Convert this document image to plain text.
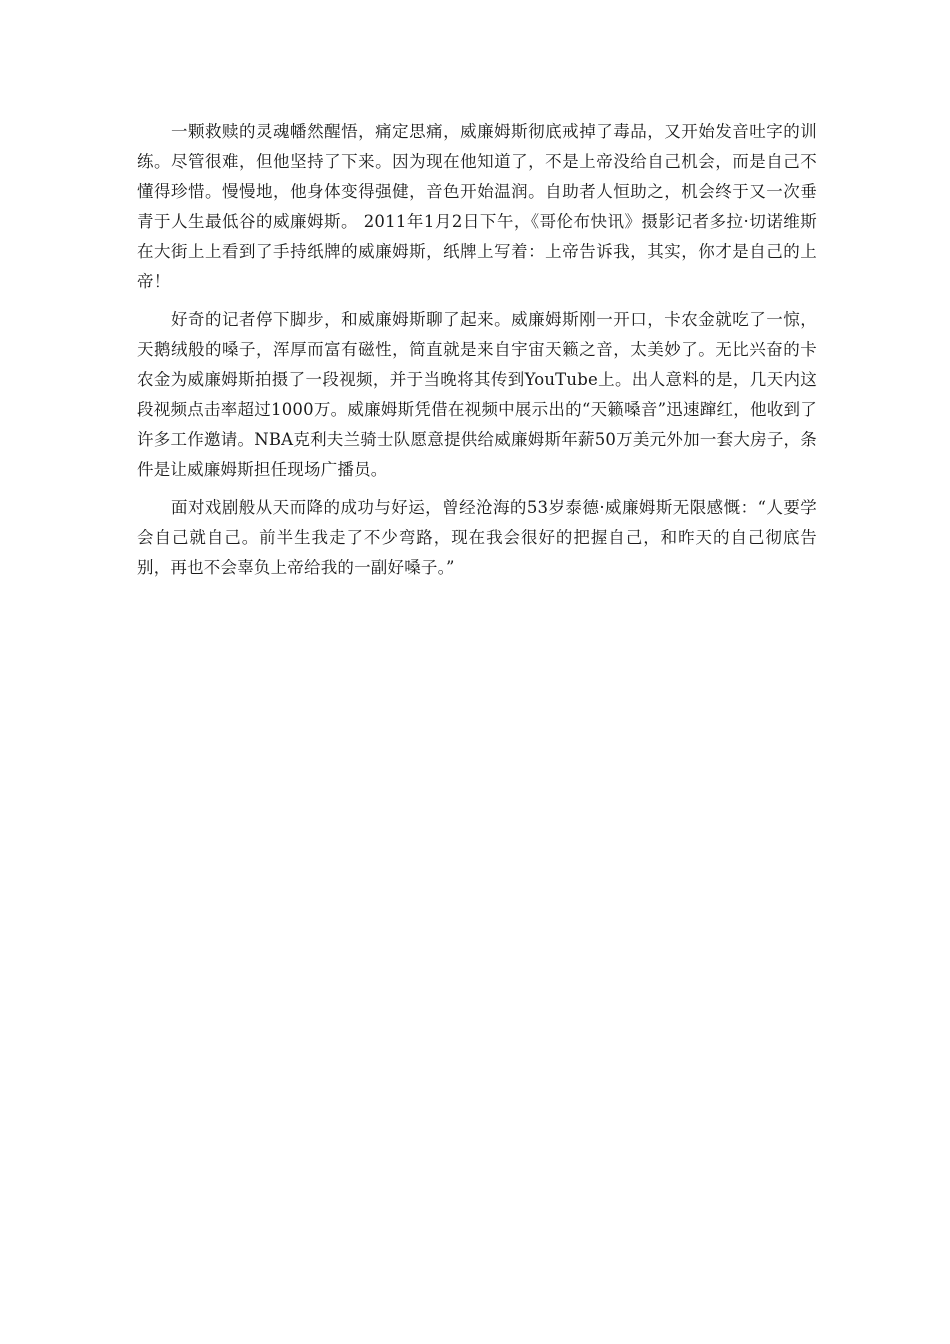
一颗救赎的灵魂幡然醒悟，痛定思痛，威廉姆斯彻底戒掉了毒品，又开始发音吐字的训练。尽管很难，但他坚持了下来。因为现在他知道了，不是上帝没给自己机会，而是自己不懂得珍惜。慢慢地，他身体变得强健，音色开始温润。自助者人恒助之，机会终于又一次垂青于人生最低谷的威廉姆斯。 2011年1月2日下午，《哥伦布快讯》摄影记者多拉·切诺维斯在大街上上看到了手持纸牌的威廉姆斯，纸牌上写着：上帝告诉我，其实，你才是自己的上帝！

好奇的记者停下脚步，和威廉姆斯聊了起来。威廉姆斯刚一开口，卡农金就吃了一惊，天鹅绒般的嗓子，浑厚而富有磁性，简直就是来自宇宙天籁之音，太美妙了。无比兴奋的卡农金为威廉姆斯拍摄了一段视频，并于当晚将其传到YouTube上。出人意料的是，几天内这段视频点击率超过1000万。威廉姆斯凭借在视频中展示出的“天籁嗓音”迅速蹿红，他收到了许多工作邀请。NBA克利夫兰骑士队愿意提供给威廉姆斯年薪50万美元外加一套大房子，条件是让威廉姆斯担任现场广播员。

面对戏剧般从天而降的成功与好运，曾经沧海的53岁泰德·威廉姆斯无限感慨：“人要学会自己就自己。前半生我走了不少弯路，现在我会很好的把握自己，和昨天的自己彻底告别，再也不会辜负上帝给我的一副好嗓子。”
